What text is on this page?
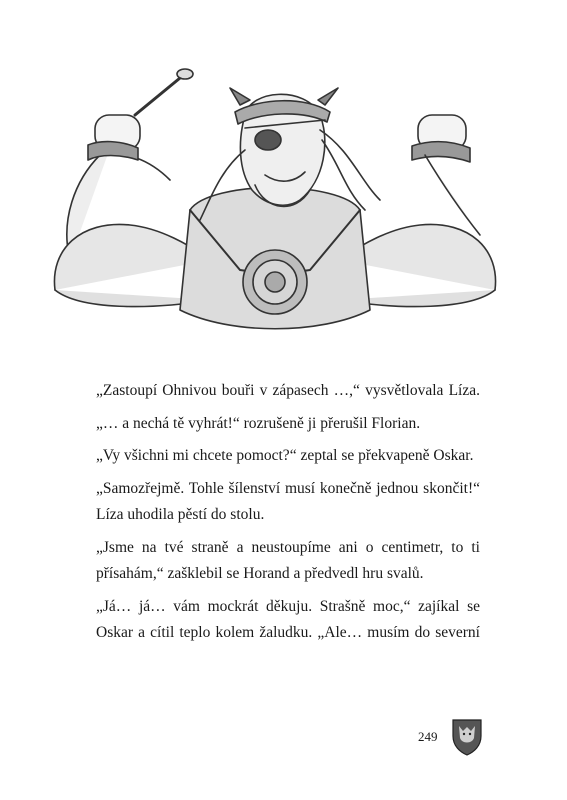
„Zastoupí Ohnivou bouři v zápasech …,“ vysvětlovala Líza.

„… a nechá tě vyhrát!“ rozrušeně ji přerušil Florian.

„Vy všichni mi chcete pomoct?“ zeptal se překvapeně Oskar.

„Samozřejmě. Tohle šílenství musí konečně jednou skončit!“ Líza uhodila pěstí do stolu.

„Jsme na tvé straně a neustoupíme ani o centimetr, to ti přísahám,“ zašklebil se Horand a předvedl hru svalů.

„Já… já… vám mockrát děkuju. Strašně moc,“ zajíkal se Oskar a cítil teplo kolem žaludku. „Ale… musím do severní

249
